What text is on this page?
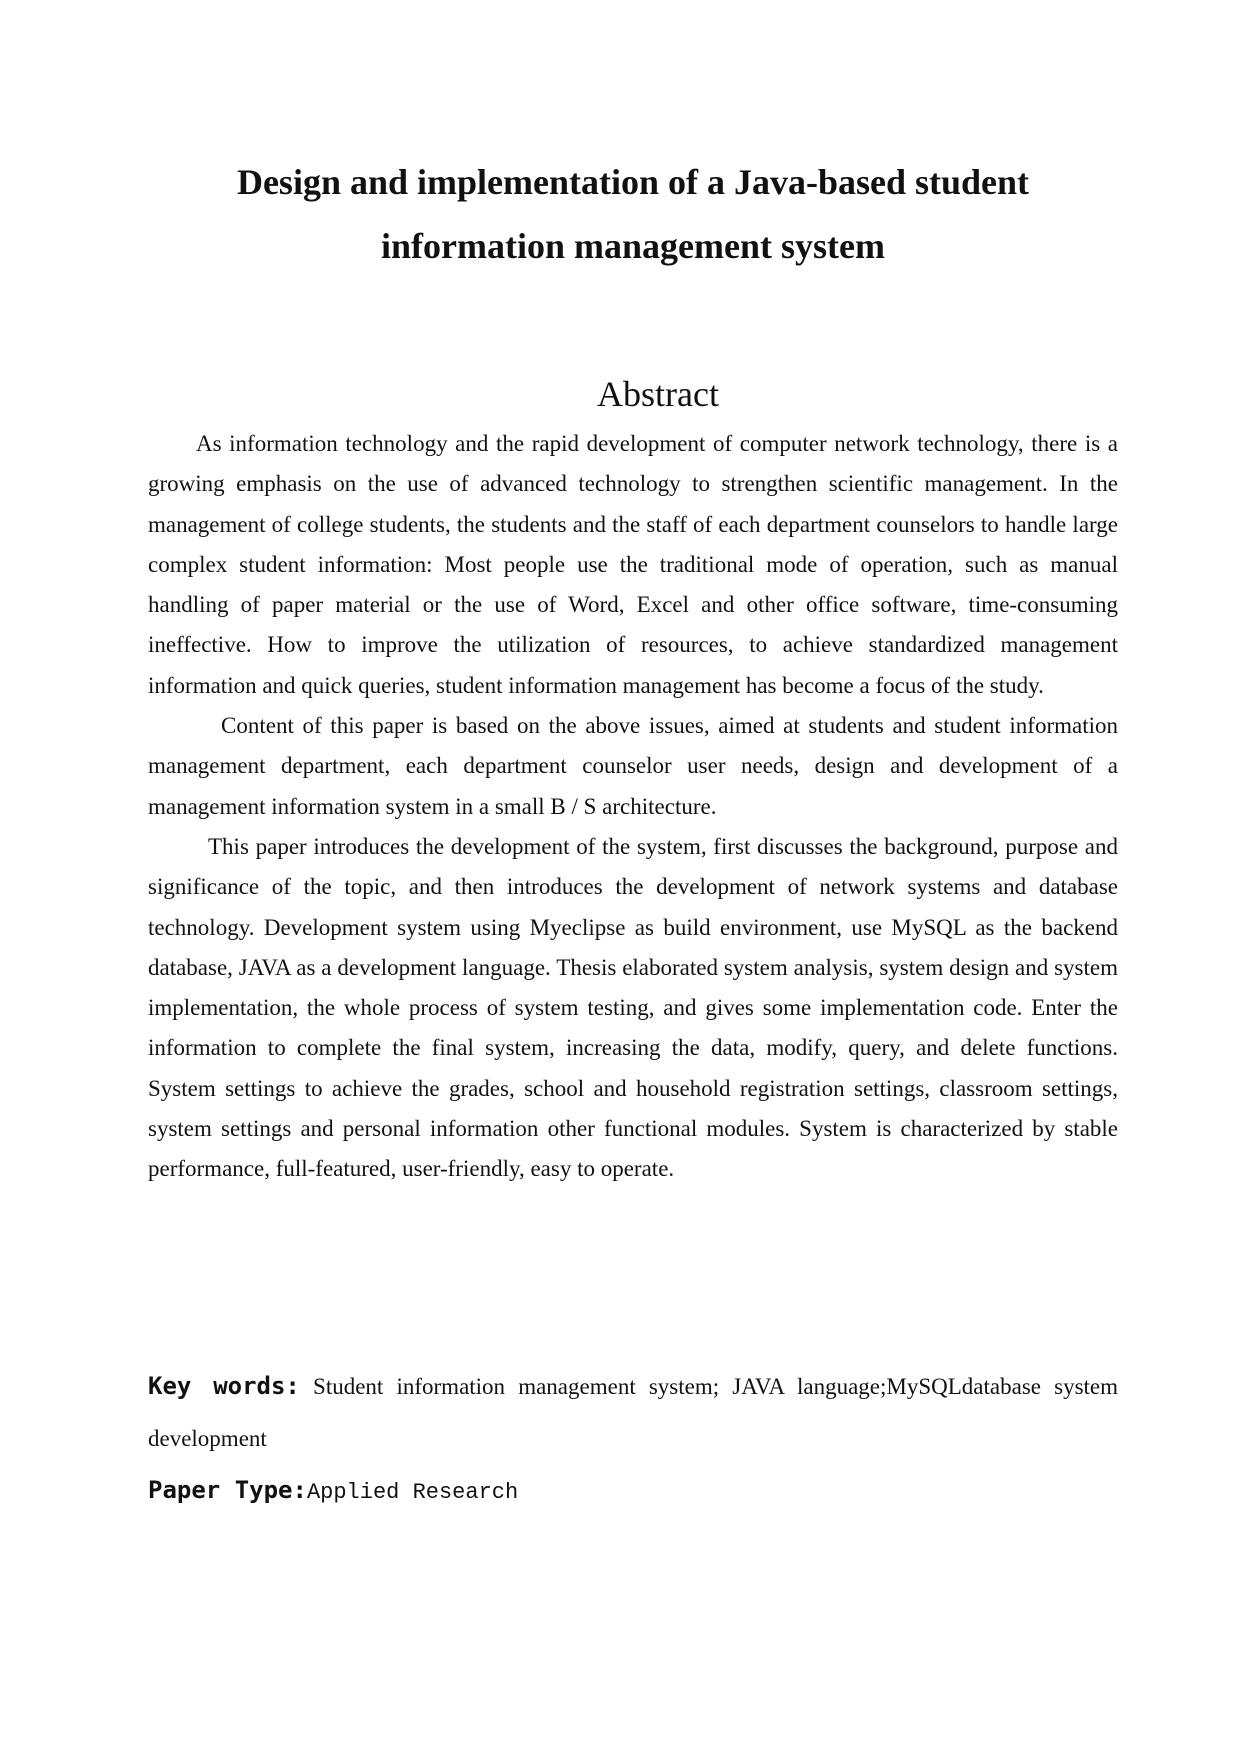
Design and implementation of a Java-based student information management system
Abstract

As information technology and the rapid development of computer network technology, there is a growing emphasis on the use of advanced technology to strengthen scientific management. In the management of college students, the students and the staff of each department counselors to handle large complex student information: Most people use the traditional mode of operation, such as manual handling of paper material or the use of Word, Excel and other office software, time-consuming ineffective. How to improve the utilization of resources, to achieve standardized management information and quick queries, student information management has become a focus of the study.

Content of this paper is based on the above issues, aimed at students and student information management department, each department counselor user needs, design and development of a management information system in a small B / S architecture.

This paper introduces the development of the system, first discusses the background, purpose and significance of the topic, and then introduces the development of network systems and database technology. Development system using Myeclipse as build environment, use MySQL as the backend database, JAVA as a development language. Thesis elaborated system analysis, system design and system implementation, the whole process of system testing, and gives some implementation code. Enter the information to complete the final system, increasing the data, modify, query, and delete functions. System settings to achieve the grades, school and household registration settings, classroom settings, system settings and personal information other functional modules. System is characterized by stable performance, full-featured, user-friendly, easy to operate.

Key words: Student information management system; JAVA language;MySQLdatabase system development
Paper Type:Applied Research
